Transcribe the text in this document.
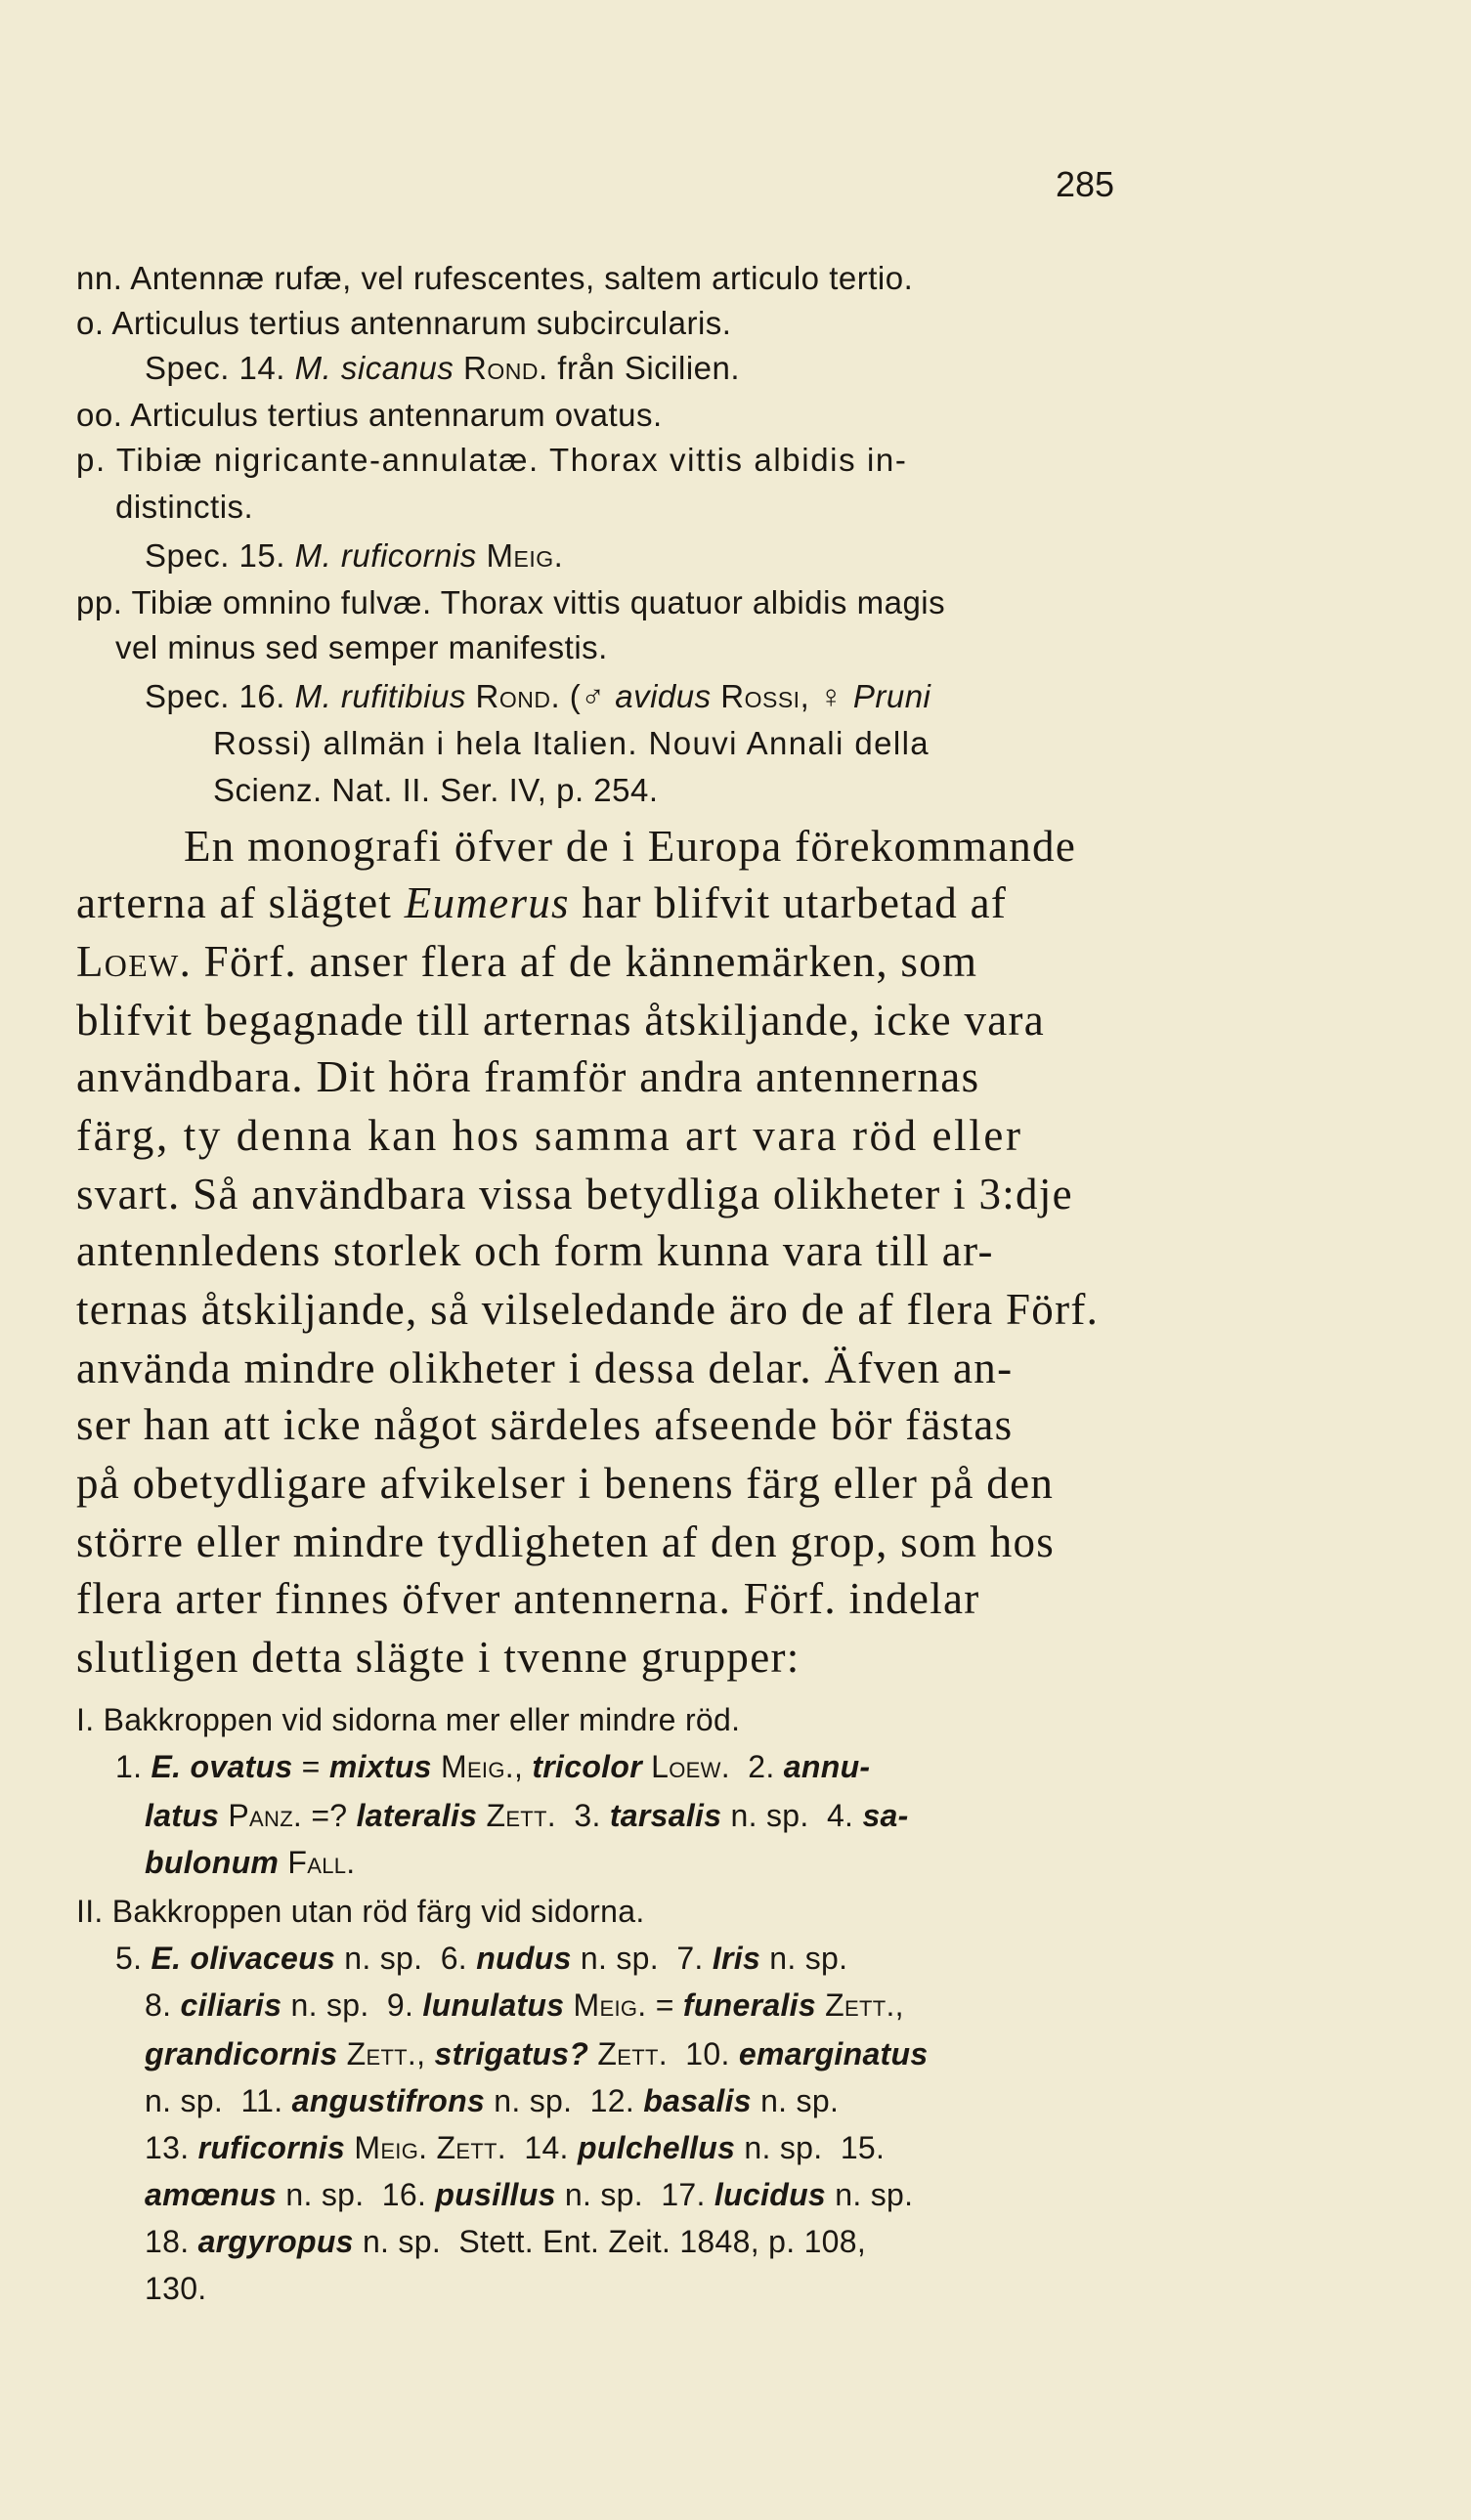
285
nn. Antennæ rufæ, vel rufescentes, saltem articulo tertio.
o. Articulus tertius antennarum subcircularis.
Spec. 14. M. sicanus Rond. från Sicilien.
oo. Articulus tertius antennarum ovatus.
p. Tibiæ nigricante-annulatæ. Thorax vittis albidis in-
distinctis.
Spec. 15. M. ruficornis Meig.
pp. Tibiæ omnino fulvæ. Thorax vittis quatuor albidis magis
vel minus sed semper manifestis.
Spec. 16. M. rufitibius Rond. (♂ avidus Rossi, ♀ Pruni
Rossi) allmän i hela Italien. Nouvi Annali della
Scienz. Nat. II. Ser. IV, p. 254.
En monografi öfver de i Europa förekommande
arterna af slägtet Eumerus har blifvit utarbetad af
Loew. Förf. anser flera af de kännemärken, som
blifvit begagnade till arternas åtskiljande, icke vara
användbara. Dit höra framför andra antennernas
färg, ty denna kan hos samma art vara röd eller
svart. Så användbara vissa betydliga olikheter i 3:dje
antennledens storlek och form kunna vara till ar-
ternas åtskiljande, så vilseledande äro de af flera Förf.
använda mindre olikheter i dessa delar. Äfven an-
ser han att icke något särdeles afseende bör fästas
på obetydligare afvikelser i benens färg eller på den
större eller mindre tydligheten af den grop, som hos
flera arter finnes öfver antennerna. Förf. indelar
slutligen detta slägte i tvenne grupper:
I. Bakkroppen vid sidorna mer eller mindre röd.
1. E. ovatus = mixtus Meig., tricolor Loew.  2. annu-
latus Panz. =? lateralis Zett.  3. tarsalis n. sp.  4. sa-
bulonum Fall.
II. Bakkroppen utan röd färg vid sidorna.
5. E. olivaceus n. sp.  6. nudus n. sp.  7. Iris n. sp.
8. ciliaris n. sp.  9. lunulatus Meig. = funeralis Zett.,
grandicornis Zett., strigatus? Zett.  10. emarginatus
n. sp.  11. angustifrons n. sp.  12. basalis n. sp.
13. ruficornis Meig. Zett.  14. pulchellus n. sp.  15.
amœnus n. sp.  16. pusillus n. sp.  17. lucidus n. sp.
18. argyropus n. sp.  Stett. Ent. Zeit. 1848, p. 108,
130.
